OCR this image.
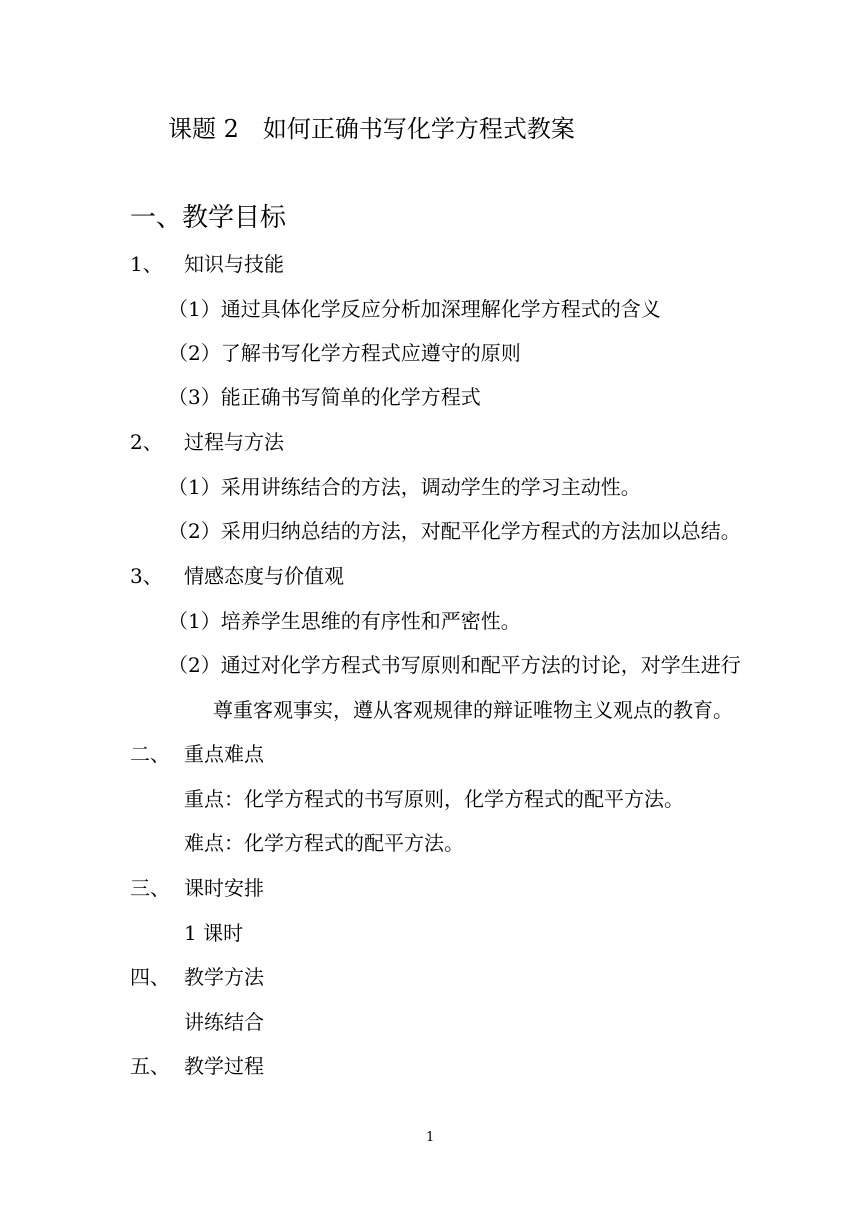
课题 2　如何正确书写化学方程式教案
一、教学目标
1、 知识与技能
（1）通过具体化学反应分析加深理解化学方程式的含义
（2）了解书写化学方程式应遵守的原则
（3）能正确书写简单的化学方程式
2、 过程与方法
（1）采用讲练结合的方法，调动学生的学习主动性。
（2）采用归纳总结的方法，对配平化学方程式的方法加以总结。
3、 情感态度与价值观
（1）培养学生思维的有序性和严密性。
（2）通过对化学方程式书写原则和配平方法的讨论，对学生进行
尊重客观事实，遵从客观规律的辩证唯物主义观点的教育。
二、 重点难点
重点：化学方程式的书写原则，化学方程式的配平方法。
难点：化学方程式的配平方法。
三、 课时安排
1 课时
四、 教学方法
讲练结合
五、 教学过程
1
